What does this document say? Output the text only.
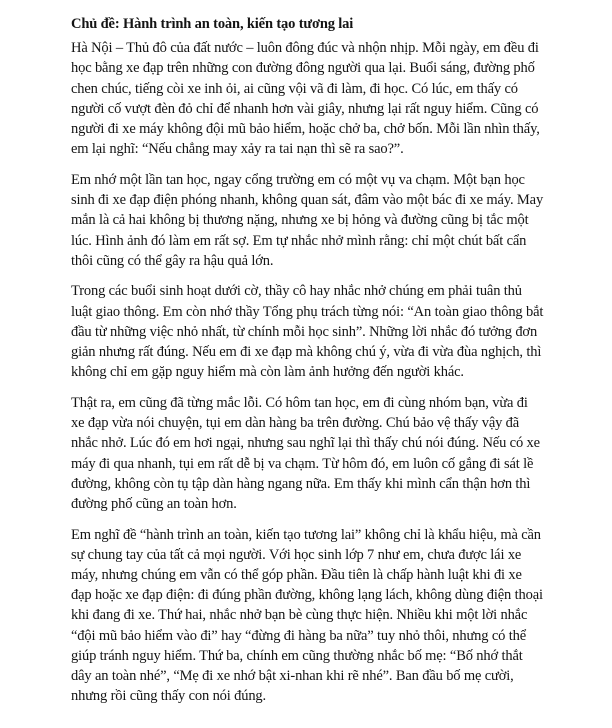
Chủ đề: Hành trình an toàn, kiến tạo tương lai
Hà Nội – Thủ đô của đất nước – luôn đông đúc và nhộn nhịp. Mỗi ngày, em đều đi
học bằng xe đạp trên những con đường đông người qua lại. Buổi sáng, đường phố
chen chúc, tiếng còi xe inh ỏi, ai cũng vội vã đi làm, đi học. Có lúc, em thấy có
người cố vượt đèn đỏ chỉ để nhanh hơn vài giây, nhưng lại rất nguy hiểm. Cũng có
người đi xe máy không đội mũ bảo hiểm, hoặc chở ba, chở bốn. Mỗi lần nhìn thấy,
em lại nghĩ: “Nếu chẳng may xảy ra tai nạn thì sẽ ra sao?”.
Em nhớ một lần tan học, ngay cổng trường em có một vụ va chạm. Một bạn học
sinh đi xe đạp điện phóng nhanh, không quan sát, đâm vào một bác đi xe máy. May
mắn là cả hai không bị thương nặng, nhưng xe bị hỏng và đường cũng bị tắc một
lúc. Hình ảnh đó làm em rất sợ. Em tự nhắc nhở mình rằng: chỉ một chút bất cẩn
thôi cũng có thể gây ra hậu quả lớn.
Trong các buổi sinh hoạt dưới cờ, thầy cô hay nhắc nhở chúng em phải tuân thủ
luật giao thông. Em còn nhớ thầy Tổng phụ trách từng nói: “An toàn giao thông bắt
đầu từ những việc nhỏ nhất, từ chính mỗi học sinh”. Những lời nhắc đó tưởng đơn
giản nhưng rất đúng. Nếu em đi xe đạp mà không chú ý, vừa đi vừa đùa nghịch, thì
không chỉ em gặp nguy hiểm mà còn làm ảnh hưởng đến người khác.
Thật ra, em cũng đã từng mắc lỗi. Có hôm tan học, em đi cùng nhóm bạn, vừa đi
xe đạp vừa nói chuyện, tụi em dàn hàng ba trên đường. Chú bảo vệ thấy vậy đã
nhắc nhở. Lúc đó em hơi ngại, nhưng sau nghĩ lại thì thấy chú nói đúng. Nếu có xe
máy đi qua nhanh, tụi em rất dễ bị va chạm. Từ hôm đó, em luôn cố gắng đi sát lề
đường, không còn tụ tập dàn hàng ngang nữa. Em thấy khi mình cẩn thận hơn thì
đường phố cũng an toàn hơn.
Em nghĩ đề “hành trình an toàn, kiến tạo tương lai” không chỉ là khẩu hiệu, mà cần
sự chung tay của tất cả mọi người. Với học sinh lớp 7 như em, chưa được lái xe
máy, nhưng chúng em vẫn có thể góp phần. Đầu tiên là chấp hành luật khi đi xe
đạp hoặc xe đạp điện: đi đúng phần đường, không lạng lách, không dùng điện thoại
khi đang đi xe. Thứ hai, nhắc nhở bạn bè cùng thực hiện. Nhiều khi một lời nhắc
“đội mũ bảo hiểm vào đi” hay “đừng đi hàng ba nữa” tuy nhỏ thôi, nhưng có thể
giúp tránh nguy hiểm. Thứ ba, chính em cũng thường nhắc bố mẹ: “Bố nhớ thắt
dây an toàn nhé”, “Mẹ đi xe nhớ bật xi-nhan khi rẽ nhé”. Ban đầu bố mẹ cười,
nhưng rồi cũng thấy con nói đúng.
